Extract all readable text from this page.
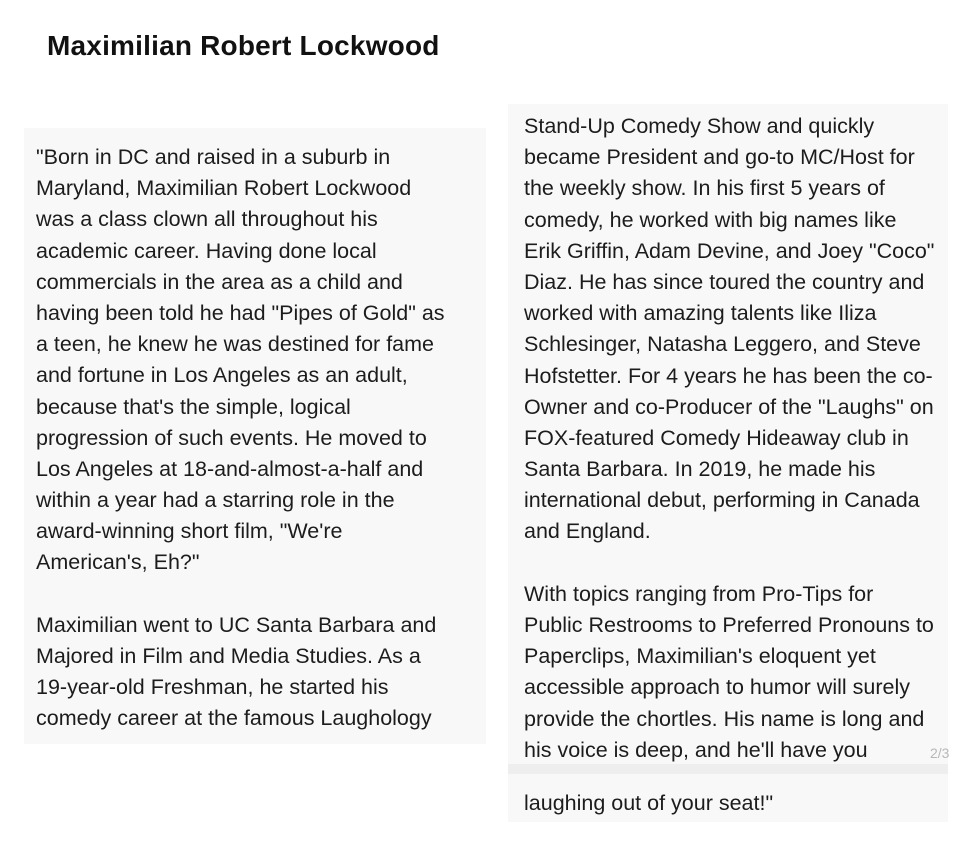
Maximilian Robert Lockwood
"Born in DC and raised in a suburb in
Maryland, Maximilian Robert Lockwood
was a class clown all throughout his
academic career. Having done local
commercials in the area as a child and
having been told he had "Pipes of Gold" as
a teen, he knew he was destined for fame
and fortune in Los Angeles as an adult,
because that's the simple, logical
progression of such events. He moved to
Los Angeles at 18-and-almost-a-half and
within a year had a starring role in the
award-winning short film, "We're
American's, Eh?"
Maximilian went to UC Santa Barbara and
Majored in Film and Media Studies. As a
19-year-old Freshman, he started his
comedy career at the famous Laughology
Stand-Up Comedy Show and quickly
became President and go-to MC/Host for
the weekly show. In his first 5 years of
comedy, he worked with big names like
Erik Griffin, Adam Devine, and Joey "Coco"
Diaz. He has since toured the country and
worked with amazing talents like Iliza
Schlesinger, Natasha Leggero, and Steve
Hofstetter. For 4 years he has been the co-
Owner and co-Producer of the "Laughs" on
FOX-featured Comedy Hideaway club in
Santa Barbara. In 2019, he made his
international debut, performing in Canada
and England.
With topics ranging from Pro-Tips for
Public Restrooms to Preferred Pronouns to
Paperclips, Maximilian's eloquent yet
accessible approach to humor will surely
provide the chortles. His name is long and
his voice is deep, and he'll have you	2/3
laughing out of your seat!"
